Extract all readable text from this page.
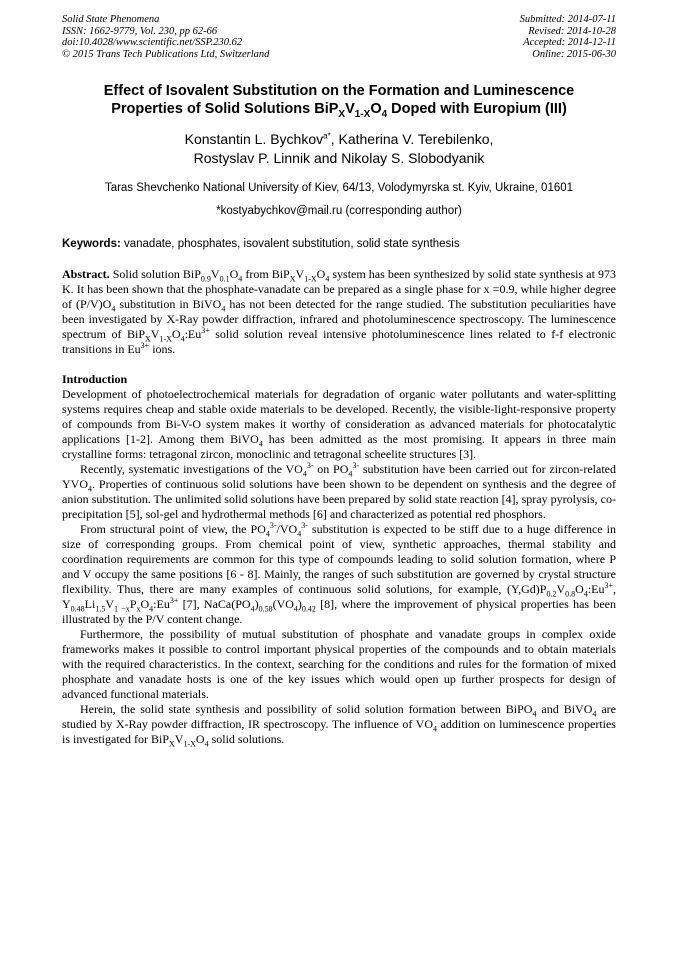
Solid State Phenomena
ISSN: 1662-9779, Vol. 230, pp 62-66
doi:10.4028/www.scientific.net/SSP.230.62
© 2015 Trans Tech Publications Ltd, Switzerland
Submitted: 2014-07-11
Revised: 2014-10-28
Accepted: 2014-12-11
Online: 2015-06-30
Effect of Isovalent Substitution on the Formation and Luminescence
Properties of Solid Solutions $BiP_XV_{1-X}O_4$ Doped with Europium (III)
Konstantin L. Bychkov$^{a*}$, Katherina V. Terebilenko,
Rostyslav P. Linnik and Nikolay S. Slobodyanik
Taras Shevchenko National University of Kiev, 64/13, Volodymyrska st. Kyiv, Ukraine, 01601
*kostyabychkov@mail.ru (corresponding author)
Keywords: vanadate, phosphates, isovalent substitution, solid state synthesis
Abstract. Solid solution $BiP_{0.9}V_{0.1}O_4$ from $BiP_XV_{1-X}O_4$ system has been synthesized by solid state synthesis at 973 K. It has been shown that the phosphate-vanadate can be prepared as a single phase for x =0.9, while higher degree of $(P/V)O_4$ substitution in BiVO$_4$ has not been detected for the range studied. The substitution peculiarities have been investigated by X-Ray powder diffraction, infrared and photoluminescence spectroscopy. The luminescence spectrum of $BiP_XV_{1-X}O_4:Eu^{3+}$ solid solution reveal intensive photoluminescence lines related to f-f electronic transitions in $Eu^{3+}$ ions.
Introduction

Development of photoelectrochemical materials for degradation of organic water pollutants and water-splitting systems requires cheap and stable oxide materials to be developed. Recently, the visible-light-responsive property of compounds from Bi-V-O system makes it worthy of consideration as advanced materials for photocatalytic applications [1-2]. Among them BiVO$_4$ has been admitted as the most promising. It appears in three main crystalline forms: tetragonal zircon, monoclinic and tetragonal scheelite structures [3].

Recently, systematic investigations of the $VO_4^{3-}$ on $PO_4^{3-}$ substitution have been carried out for zircon-related $YVO_4$. Properties of continuous solid solutions have been shown to be dependent on synthesis and the degree of anion substitution. The unlimited solid solutions have been prepared by solid state reaction [4], spray pyrolysis, co-precipitation [5], sol-gel and hydrothermal methods [6] and characterized as potential red phosphors.

From structural point of view, the $PO_4^{3-}/VO_4^{3-}$ substitution is expected to be stiff due to a huge difference in size of corresponding groups. From chemical point of view, synthetic approaches, thermal stability and coordination requirements are common for this type of compounds leading to solid solution formation, where P and V occupy the same positions [6 - 8]. Mainly, the ranges of such substitution are governed by crystal structure flexibility. Thus, there are many examples of continuous solid solutions, for example, $(Y,Gd)P_{0.2}V_{0.8}O_4:Eu^{3+}$, $Y_{0.48}Li_{1.5}V_{1 -x}P_xO_4:Eu^{3+}$ [7], $NaCa(PO_4)_{0.58}(VO_4)_{0.42}$ [8], where the improvement of physical properties has been illustrated by the P/V content change.

Furthermore, the possibility of mutual substitution of phosphate and vanadate groups in complex oxide frameworks makes it possible to control important physical properties of the compounds and to obtain materials with the required characteristics. In the context, searching for the conditions and rules for the formation of mixed phosphate and vanadate hosts is one of the key issues which would open up further prospects for design of advanced functional materials.

Herein, the solid state synthesis and possibility of solid solution formation between BiPO$_4$ and BiVO$_4$ are studied by X-Ray powder diffraction, IR spectroscopy. The influence of $VO_4$ addition on luminescence properties is investigated for $BiP_XV_{1-X}O_4$ solid solutions.
